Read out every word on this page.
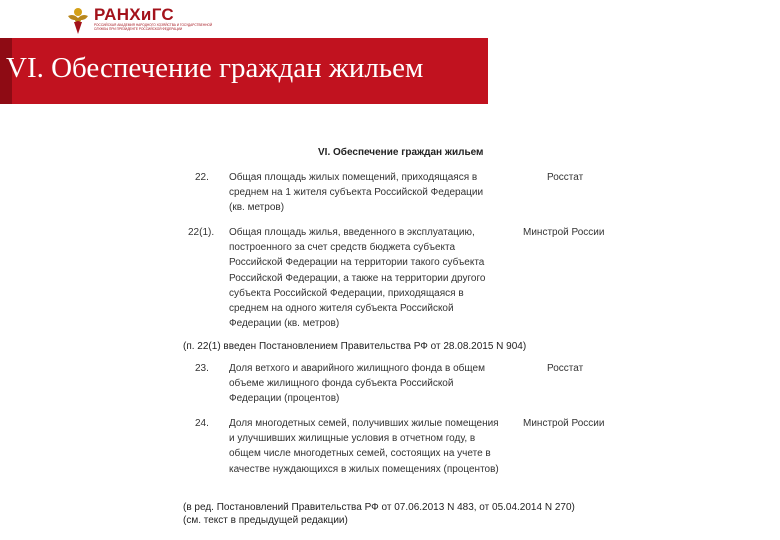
РАНХиГС
РОССИЙСКАЯ АКАДЕМИЯ НАРОДНОГО ХОЗЯЙСТВА И ГОСУДАРСТВЕННОЙ СЛУЖБЫ ПРИ ПРЕЗИДЕНТЕ РОССИЙСКОЙ ФЕДЕРАЦИИ
VI. Обеспечение граждан жильем
VI. Обеспечение граждан жильем
22. Общая площадь жилых помещений, приходящаяся в среднем на 1 жителя субъекта Российской Федерации (кв. метров)
Росстат
22(1). Общая площадь жилья, введенного в эксплуатацию, построенного за счет средств бюджета субъекта Российской Федерации на территории такого субъекта Российской Федерации, а также на территории другого субъекта Российской Федерации, приходящаяся в среднем на одного жителя субъекта Российской Федерации (кв. метров)
Минстрой России
(п. 22(1) введен Постановлением Правительства РФ от 28.08.2015 N 904)
23. Доля ветхого и аварийного жилищного фонда в общем объеме жилищного фонда субъекта Российской Федерации (процентов)
Росстат
24. Доля многодетных семей, получивших жилые помещения и улучшивших жилищные условия в отчетном году, в общем числе многодетных семей, состоящих на учете в качестве нуждающихся в жилых помещениях (процентов)
Минстрой России
(в ред. Постановлений Правительства РФ от 07.06.2013 N 483, от 05.04.2014 N 270)
(см. текст в предыдущей редакции)
